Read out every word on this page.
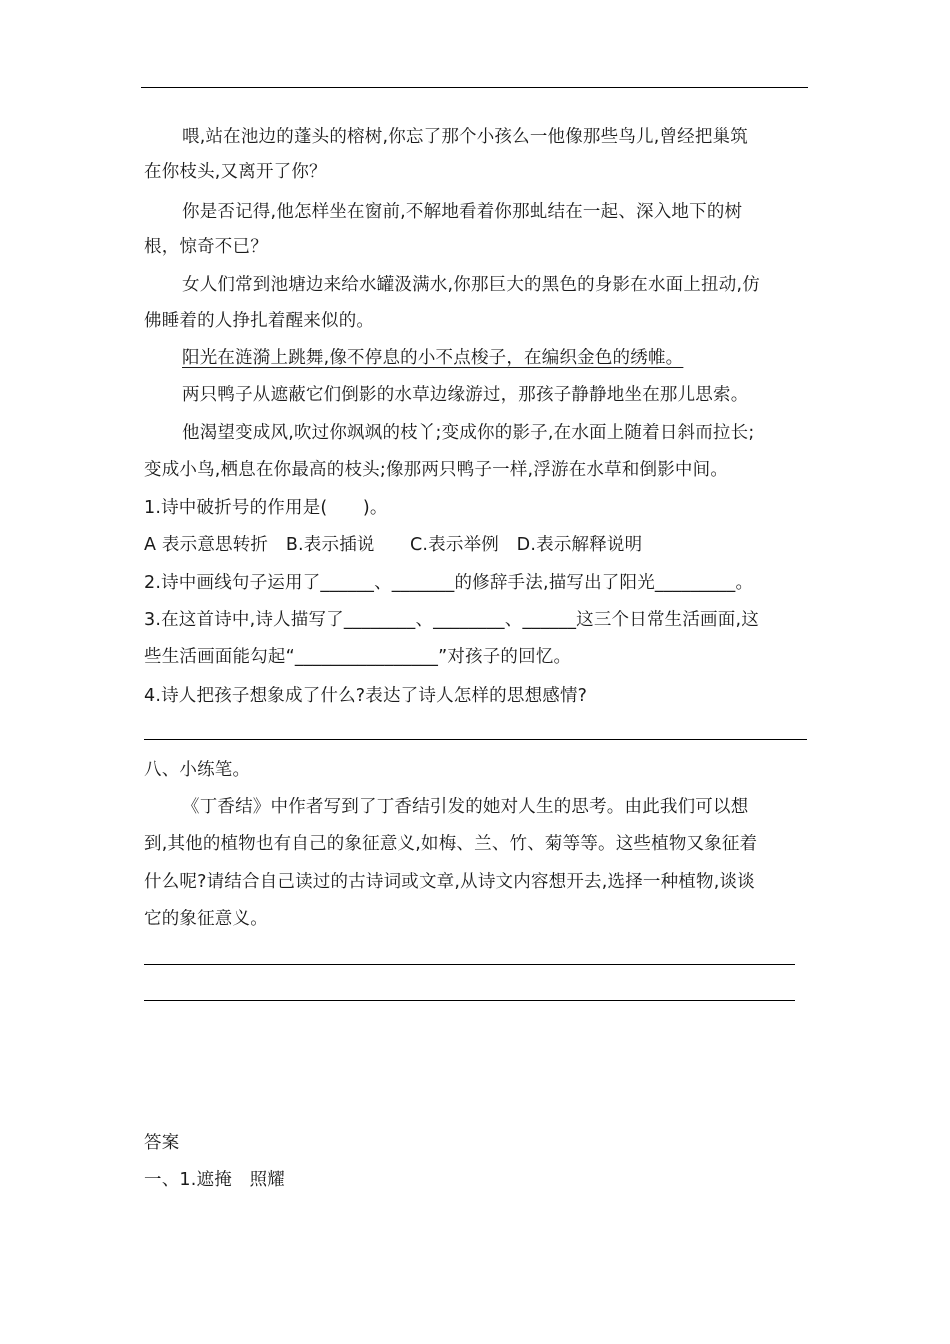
喂,站在池边的蓬头的榕树,你忘了那个小孩么一他像那些鸟儿,曾经把巢筑
在你枝头,又离开了你？
你是否记得,他怎样坐在窗前,不解地看着你那虬结在一起、深入地下的树
根，惊奇不已？
女人们常到池塘边来给水罐汲满水,你那巨大的黑色的身影在水面上扭动,仿
佛睡着的人挣扎着醒来似的。
阳光在涟漪上跳舞,像不停息的小不点梭子，在编织金色的绣帷。
两只鸭子从遮蔽它们倒影的水草边缘游过，那孩子静静地坐在那儿思索。
他渴望变成风,吹过你飒飒的枝丫;变成你的影子,在水面上随着日斜而拉长;
变成小鸟,栖息在你最高的枝头;像那两只鸭子一样,浮游在水草和倒影中间。
1.诗中破折号的作用是(　　)。
A 表示意思转折　B.表示插说　　C.表示举例　D.表示解释说明
2.诗中画线句子运用了______、_______的修辞手法,描写出了阳光_________。
3.在这首诗中,诗人描写了________、________、______这三个日常生活画面,这
些生活画面能勾起“________________”对孩子的回忆。
4.诗人把孩子想象成了什么?表达了诗人怎样的思想感情?
八、小练笔。
《丁香结》中作者写到了丁香结引发的她对人生的思考。由此我们可以想
到,其他的植物也有自己的象征意义,如梅、兰、竹、菊等等。这些植物又象征着
什么呢?请结合自己读过的古诗词或文章,从诗文内容想开去,选择一种植物,谈谈
它的象征意义。
答案
一、1.遮掩　照耀
